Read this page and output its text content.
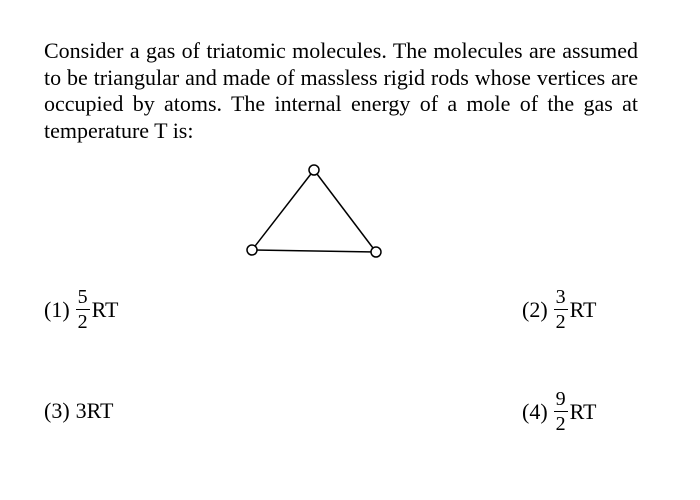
Consider a gas of triatomic molecules. The molecules are assumed to be triangular and made of massless rigid rods whose vertices are occupied by atoms. The internal energy of a mole of the gas at temperature T is:

$(1) \frac{5}{2}$ RT	$(2) \frac{3}{2}$ RT
(3) 3RT	$(4) \frac{9}{2}$ RT
